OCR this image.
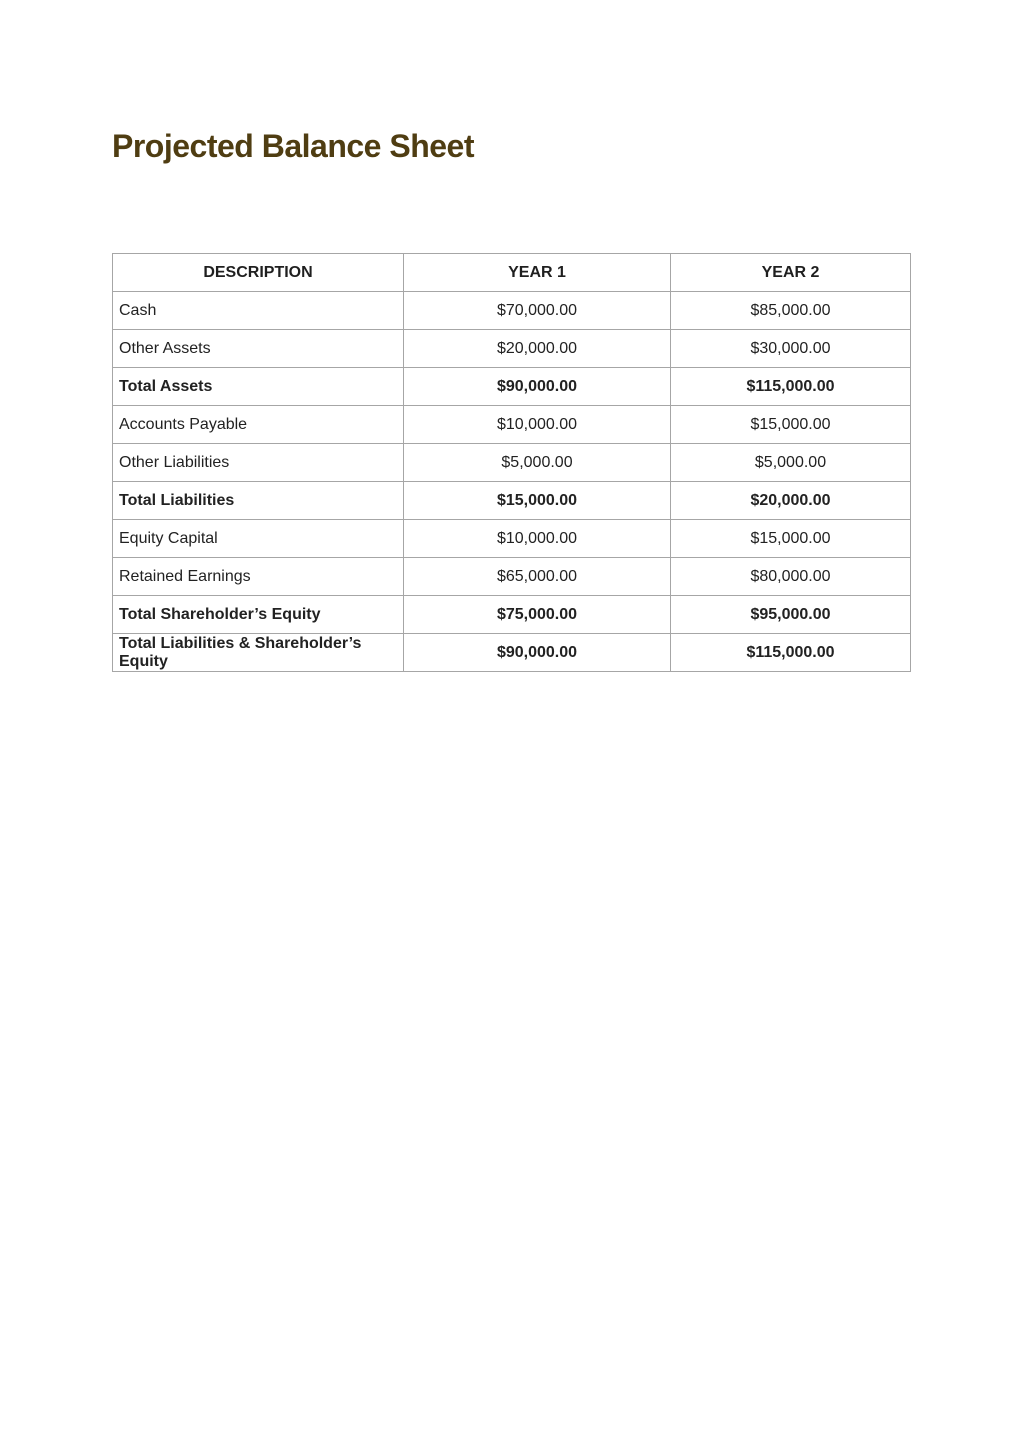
Projected Balance Sheet
DESCRIPTION	YEAR 1	YEAR 2
Cash	$70,000.00	$85,000.00
Other Assets	$20,000.00	$30,000.00
Total Assets	$90,000.00	$115,000.00
Accounts Payable	$10,000.00	$15,000.00
Other Liabilities	$5,000.00	$5,000.00
Total Liabilities	$15,000.00	$20,000.00
Equity Capital	$10,000.00	$15,000.00
Retained Earnings	$65,000.00	$80,000.00
Total Shareholder’s Equity	$75,000.00	$95,000.00
Total Liabilities & Shareholder’s Equity	$90,000.00	$115,000.00
